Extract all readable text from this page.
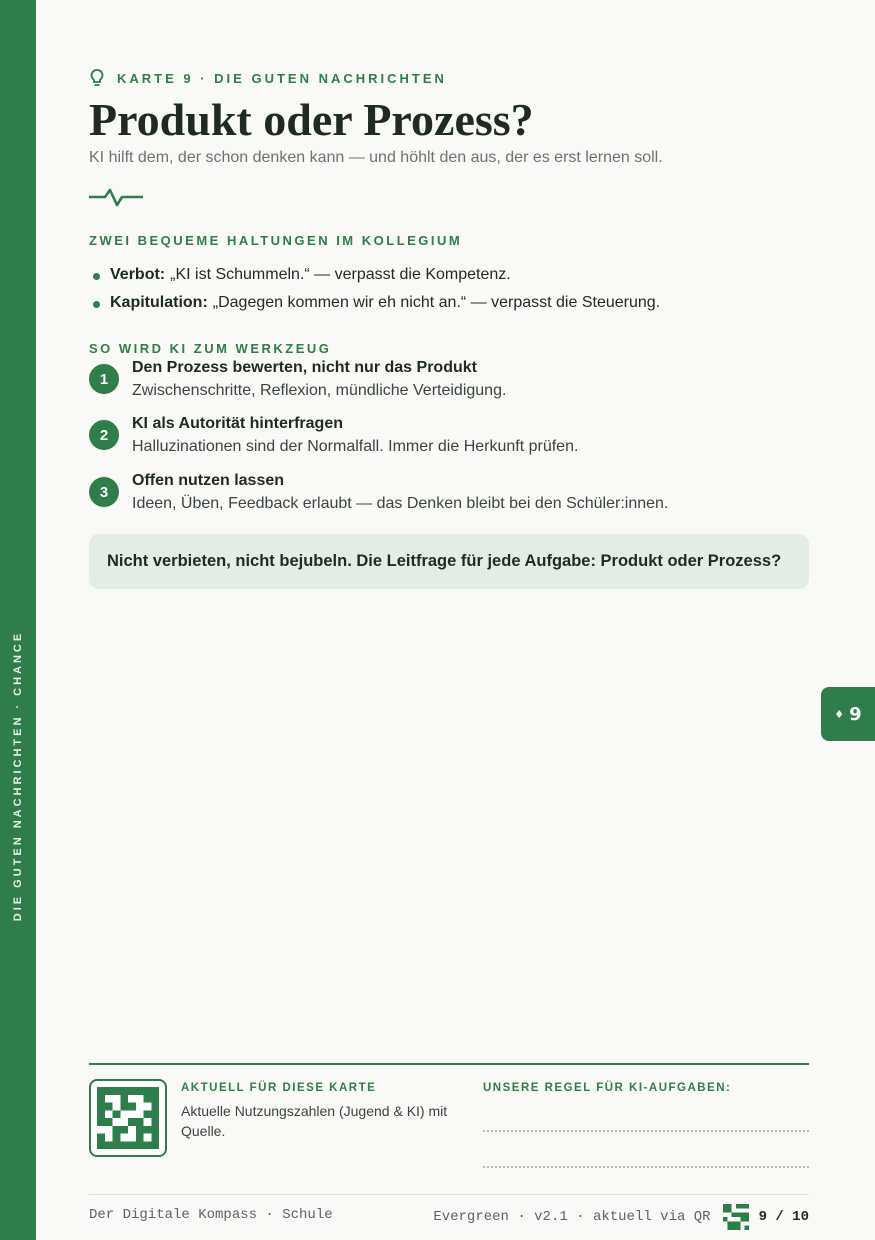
DIE GUTEN NACHRICHTEN · CHANCE
KARTE 9 · DIE GUTEN NACHRICHTEN
Produkt oder Prozess?
KI hilft dem, der schon denken kann — und höhlt den aus, der es erst lernen soll.
ZWEI BEQUEME HALTUNGEN IM KOLLEGIUM
Verbot: „KI ist Schummeln.“ — verpasst die Kompetenz.
Kapitulation: „Dagegen kommen wir eh nicht an.“ — verpasst die Steuerung.
SO WIRD KI ZUM WERKZEUG
1
Den Prozess bewerten, nicht nur das Produkt
Zwischenschritte, Reflexion, mündliche Verteidigung.
2
KI als Autorität hinterfragen
Halluzinationen sind der Normalfall. Immer die Herkunft prüfen.
3
Offen nutzen lassen
Ideen, Üben, Feedback erlaubt — das Denken bleibt bei den Schüler:innen.
Nicht verbieten, nicht bejubeln. Die Leitfrage für jede Aufgabe: Produkt oder Prozess?
AKTUELL FÜR DIESE KARTE
Aktuelle Nutzungszahlen (Jugend & KI) mit Quelle.
UNSERE REGEL FÜR KI-AUFGABEN:
Der Digitale Kompass · Schule	Evergreen · v2.1 · aktuell via QR	9 / 10
♦ 9
